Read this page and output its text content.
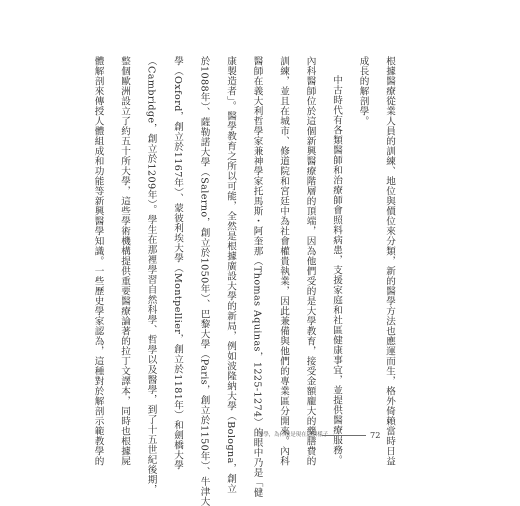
根據醫療從業人員的訓練、地位與價位來分類，新的醫學方法也應運而生，格外倚賴當時日益
成長的解剖學。
中古時代有各類醫師和治療師會照料病患，支援家庭和社區健康事宜，並提供醫療服務。
內科醫師位於這個新興醫療階層的頂端，因為他們受的是大學教育，接受金額龐大的藥膳費的
訓練，並且在城市、修道院和宮廷中為社會權貴執業，因此兼備與他們的專業區分開來。內科
醫師在義大利哲學家兼神學家托馬斯・阿奎那（Thomas Aquinas，1225-1274）的眼中乃是「健
康製造者」。醫學教育之所以可能，全然是根據廣設大學的新局，例如波隆納大學（Bologna，創立
於1088年）、薩勒諾大學（Salerno，創立於1050年）、巴黎大學（Paris，創立於1150年）、牛津大
學（Oxford，創立於1167年）、蒙彼利埃大學（Montpellier，創立於1181年）和劍橋大學
（Cambridge，創立於1209年）。學生在那裡學習自然科學、哲學以及醫學，到了十五世紀後期，
整個歐洲設立了約五十所大學，這些學術機構提供重要醫療論著的拉丁文譯本，同時也根據屍
體解剖來傳授人體組成和功能等新興醫學知識。一些歷史學家認為，這種對於解剖示範教學的	醫學，為什麼是現在這個樣子	72
